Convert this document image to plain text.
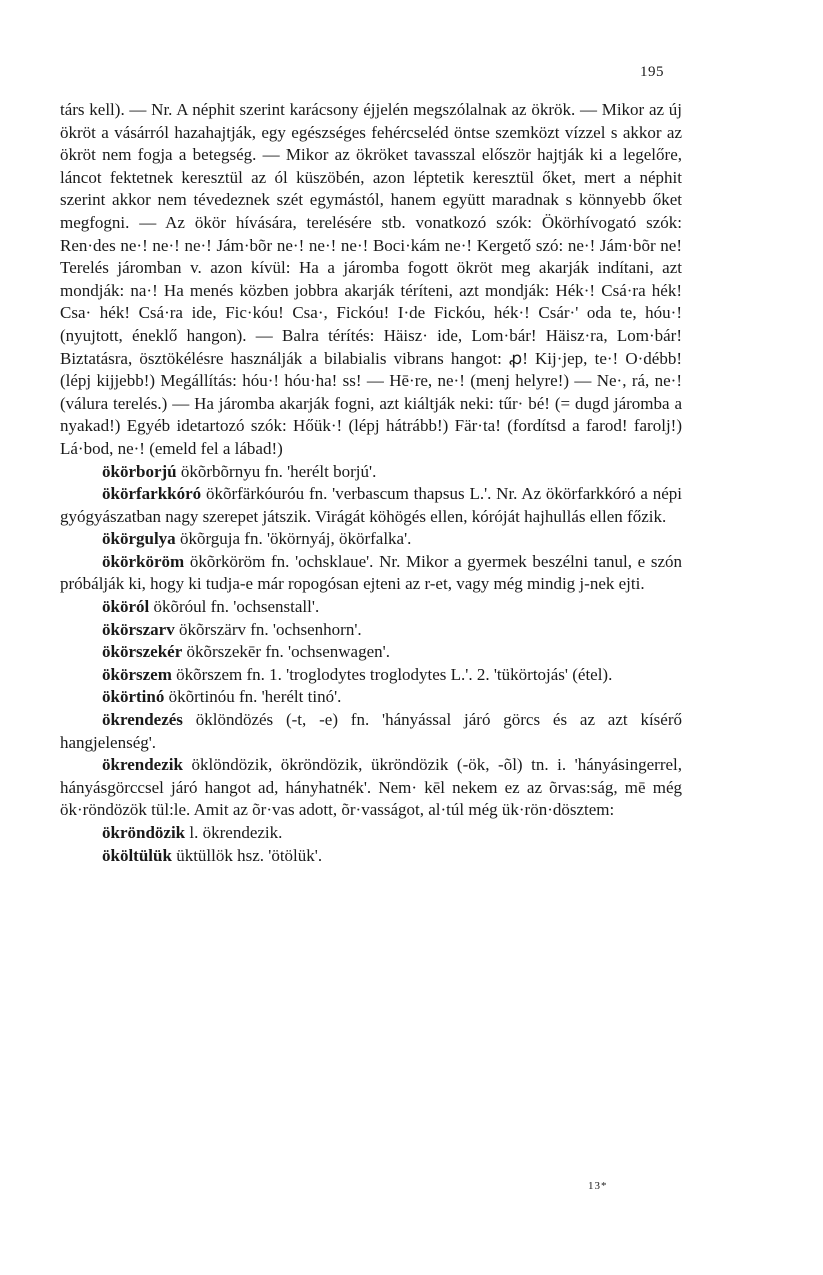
195

társ kell). — Nr. A néphit szerint karácsony éjjelén megszólalnak az ökrök. — Mikor az új ökröt a vásárról hazahajtják, egy egészséges fehércseléd öntse szemközt vízzel s akkor az ökröt nem fogja a betegség. — Mikor az ökröket tavasszal először hajtják ki a legelőre, láncot fektetnek keresztül az ól küszöbén, azon léptetik keresztül őket, mert a néphit szerint akkor nem tévedeznek szét egymástól, hanem együtt maradnak s könnyebb őket megfogni. — Az ökör hívására, terelésére stb. vonatkozó szók: Ökörhívogató szók: Ren·des ne·! ne·! ne·! Jám·bõr ne·! ne·! ne·! Boci·kám ne·! Kergető szó: ne·! Jám·bõr ne! Terelés járomban v. azon kívül: Ha a járomba fogott ökröt meg akarják indítani, azt mondják: na·! Ha menés közben jobbra akarják téríteni, azt mondják: Hék·! Csá·ra hék! Csa· hék! Csá·ra ide, Fic·kóu! Csa·, Fickóu! I·de Fickóu, hék·! Csár·' oda te, hóu·! (nyujtott, éneklő hangon). — Balra térítés: Häisz· ide, Lom·bár! Häisz·ra, Lom·bár! Biztatásra, ösztökélésre használják a bilabialis vibrans hangot: ꝓ! Kij·jep, te·! O·débb! (lépj kijjebb!) Megállítás: hóu·! hóu·ha! ss! — Hē·re, ne·! (menj helyre!) — Ne·, rá, ne·! (válura terelés.) — Ha járomba akarják fogni, azt kiáltják neki: tűr· bé! (= dugd járomba a nyakad!) Egyéb idetartozó szók: Hőük·! (lépj hátrább!) Fär·ta! (fordítsd a farod! farolj!) Lá·bod, ne·! (emeld fel a lábad!)

ökörborjú ökõrbõrnyu fn. 'herélt borjú'.

ökörfarkkóró ökõrfärkóuróu fn. 'verbascum thapsus L.'. Nr. Az ökörfarkkóró a népi gyógyászatban nagy szerepet játszik. Virágát köhögés ellen, kóróját hajhullás ellen főzik.

ökörgulya ökõrguja fn. 'ökörnyáj, ökörfalka'.

ökörköröm ökõrköröm fn. 'ochsklaue'. Nr. Mikor a gyermek beszélni tanul, e szón próbálják ki, hogy ki tudja-e már ropogósan ejteni az r-et, vagy még mindig j-nek ejti.

ököról ökõróul fn. 'ochsenstall'.

ökörszarv ökõrszärv fn. 'ochsenhorn'.

ökörszekér ökõrszekēr fn. 'ochsenwagen'.

ökörszem ökõrszem fn. 1. 'troglodytes troglodytes L.'. 2. 'tükörtojás' (étel).

ökörtinó ökõrtinóu fn. 'herélt tinó'.

ökrendezés öklöndözés (-t, -e) fn. 'hányással járó görcs és az azt kísérő hangjelenség'.

ökrendezik öklöndözik, ökröndözik, ükröndözik (-ök, -õl) tn. i. 'hányásingerrel, hányásgörccsel járó hangot ad, hányhatnék'. Nem· kēl nekem ez az õrvas:ság, mē még ök·röndözök tül:le. Amit az õr·vas adott, õr·vasságot, al·túl még ük·rön·dösztem:

ökröndözik l. ökrendezik.

ököltülük üktüllök hsz. 'ötölük'.

13*
